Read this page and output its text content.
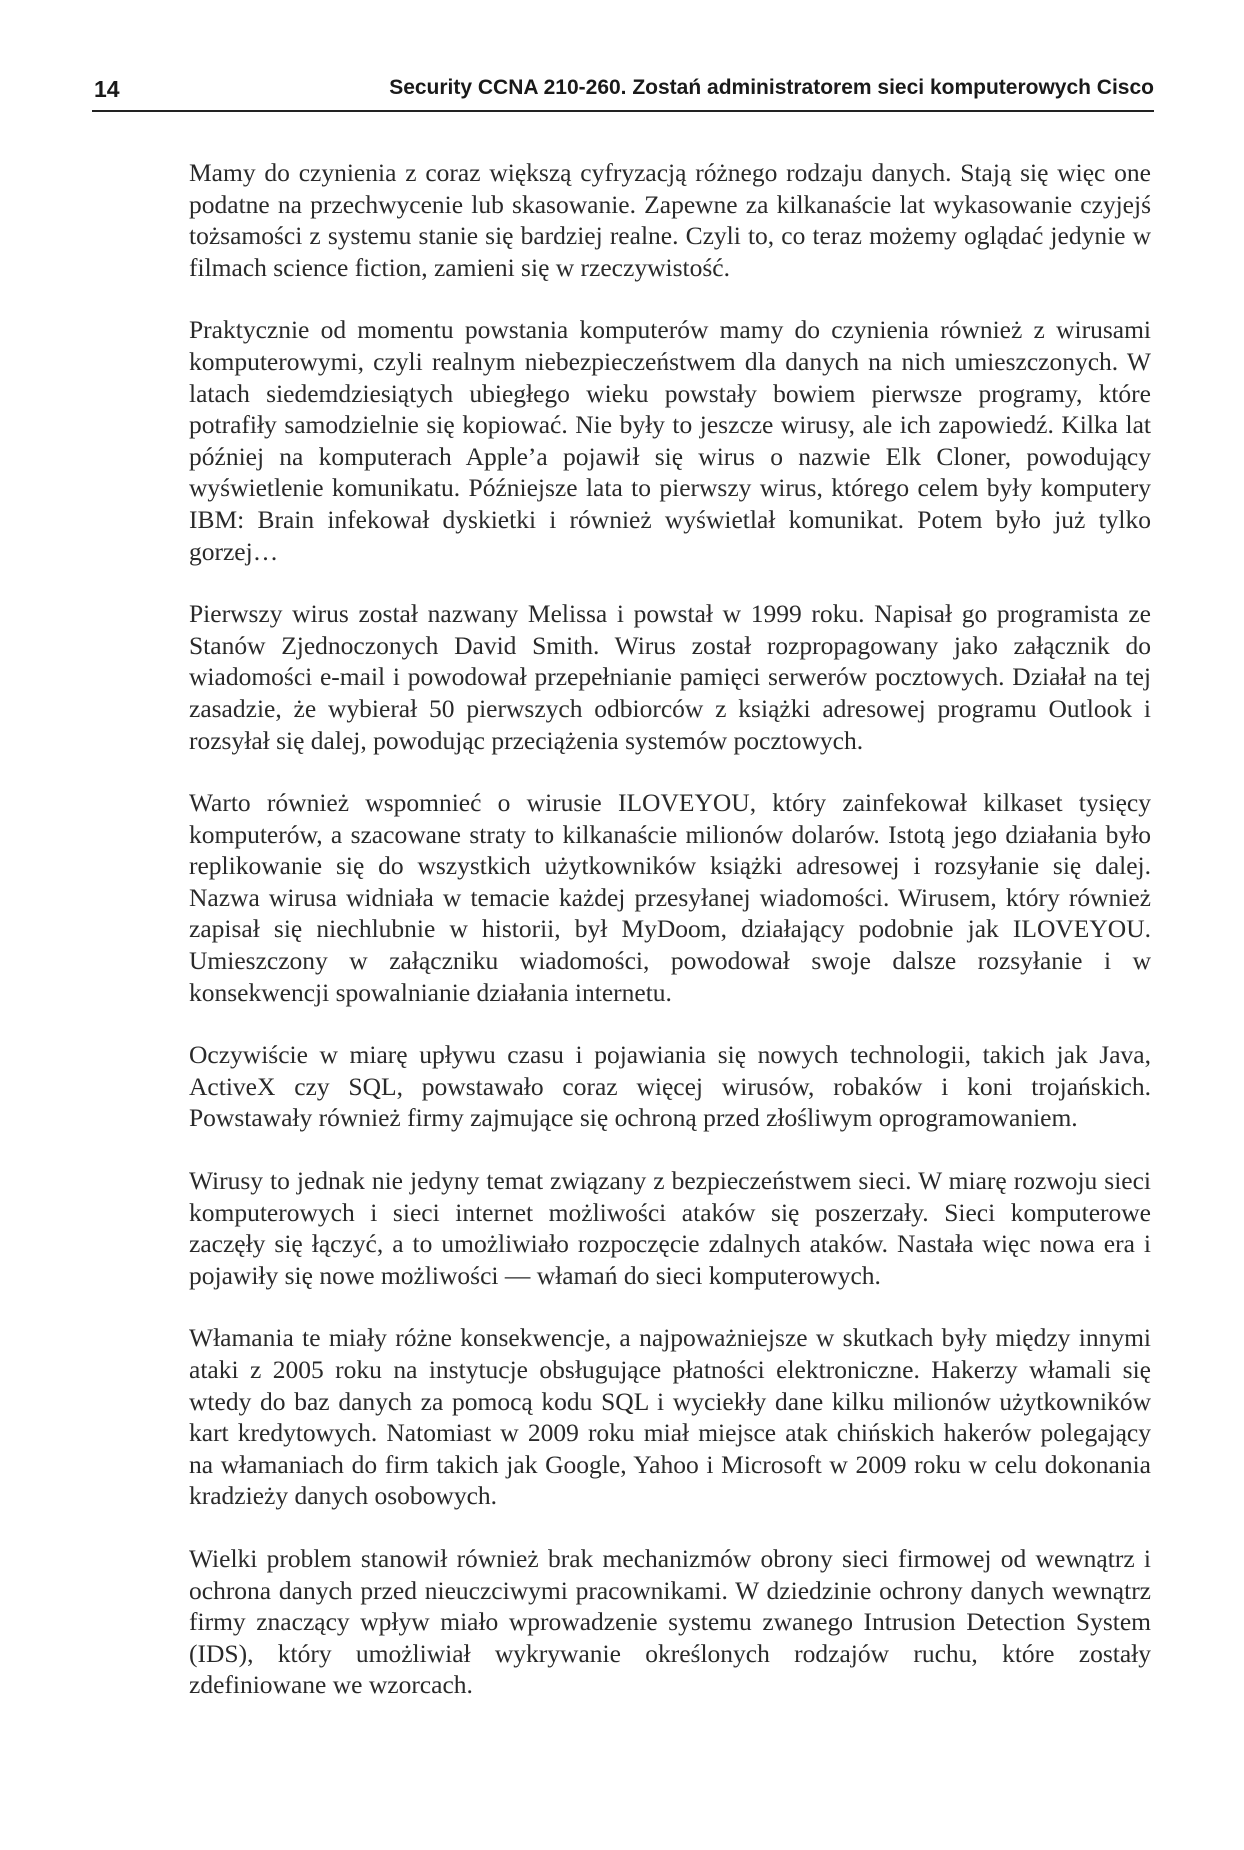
14	Security CCNA 210-260. Zostań administratorem sieci komputerowych Cisco

Mamy do czynienia z coraz większą cyfryzacją różnego rodzaju danych. Stają się więc one podatne na przechwycenie lub skasowanie. Zapewne za kilkanaście lat wykasowanie czyjejś tożsamości z systemu stanie się bardziej realne. Czyli to, co teraz możemy oglądać jedynie w filmach science fiction, zamieni się w rzeczywistość.

Praktycznie od momentu powstania komputerów mamy do czynienia również z wirusami komputerowymi, czyli realnym niebezpieczeństwem dla danych na nich umieszczonych. W latach siedemdziesiątych ubiegłego wieku powstały bowiem pierwsze programy, które potrafiły samodzielnie się kopiować. Nie były to jeszcze wirusy, ale ich zapowiedź. Kilka lat później na komputerach Apple’a pojawił się wirus o nazwie Elk Cloner, powodujący wyświetlenie komunikatu. Późniejsze lata to pierwszy wirus, którego celem były komputery IBM: Brain infekował dyskietki i również wyświetlał komunikat. Potem było już tylko gorzej…

Pierwszy wirus został nazwany Melissa i powstał w 1999 roku. Napisał go programista ze Stanów Zjednoczonych David Smith. Wirus został rozpropagowany jako załącznik do wiadomości e-mail i powodował przepełnianie pamięci serwerów pocztowych. Działał na tej zasadzie, że wybierał 50 pierwszych odbiorców z książki adresowej programu Outlook i rozsyłał się dalej, powodując przeciążenia systemów pocztowych.

Warto również wspomnieć o wirusie ILOVEYOU, który zainfekował kilkaset tysięcy komputerów, a szacowane straty to kilkanaście milionów dolarów. Istotą jego działania było replikowanie się do wszystkich użytkowników książki adresowej i rozsyłanie się dalej. Nazwa wirusa widniała w temacie każdej przesyłanej wiadomości. Wirusem, który również zapisał się niechlubnie w historii, był MyDoom, działający podobnie jak ILOVEYOU. Umieszczony w załączniku wiadomości, powodował swoje dalsze rozsyłanie i w konsekwencji spowalnianie działania internetu.

Oczywiście w miarę upływu czasu i pojawiania się nowych technologii, takich jak Java, ActiveX czy SQL, powstawało coraz więcej wirusów, robaków i koni trojańskich. Powstawały również firmy zajmujące się ochroną przed złośliwym oprogramowaniem.

Wirusy to jednak nie jedyny temat związany z bezpieczeństwem sieci. W miarę rozwoju sieci komputerowych i sieci internet możliwości ataków się poszerzały. Sieci komputerowe zaczęły się łączyć, a to umożliwiało rozpoczęcie zdalnych ataków. Nastała więc nowa era i pojawiły się nowe możliwości — włamań do sieci komputerowych.

Włamania te miały różne konsekwencje, a najpoważniejsze w skutkach były między innymi ataki z 2005 roku na instytucje obsługujące płatności elektroniczne. Hakerzy włamali się wtedy do baz danych za pomocą kodu SQL i wyciekły dane kilku milionów użytkowników kart kredytowych. Natomiast w 2009 roku miał miejsce atak chińskich hakerów polegający na włamaniach do firm takich jak Google, Yahoo i Microsoft w 2009 roku w celu dokonania kradzieży danych osobowych.

Wielki problem stanowił również brak mechanizmów obrony sieci firmowej od wewnątrz i ochrona danych przed nieuczciwymi pracownikami. W dziedzinie ochrony danych wewnątrz firmy znaczący wpływ miało wprowadzenie systemu zwanego Intrusion Detection System (IDS), który umożliwiał wykrywanie określonych rodzajów ruchu, które zostały zdefiniowane we wzorcach.
